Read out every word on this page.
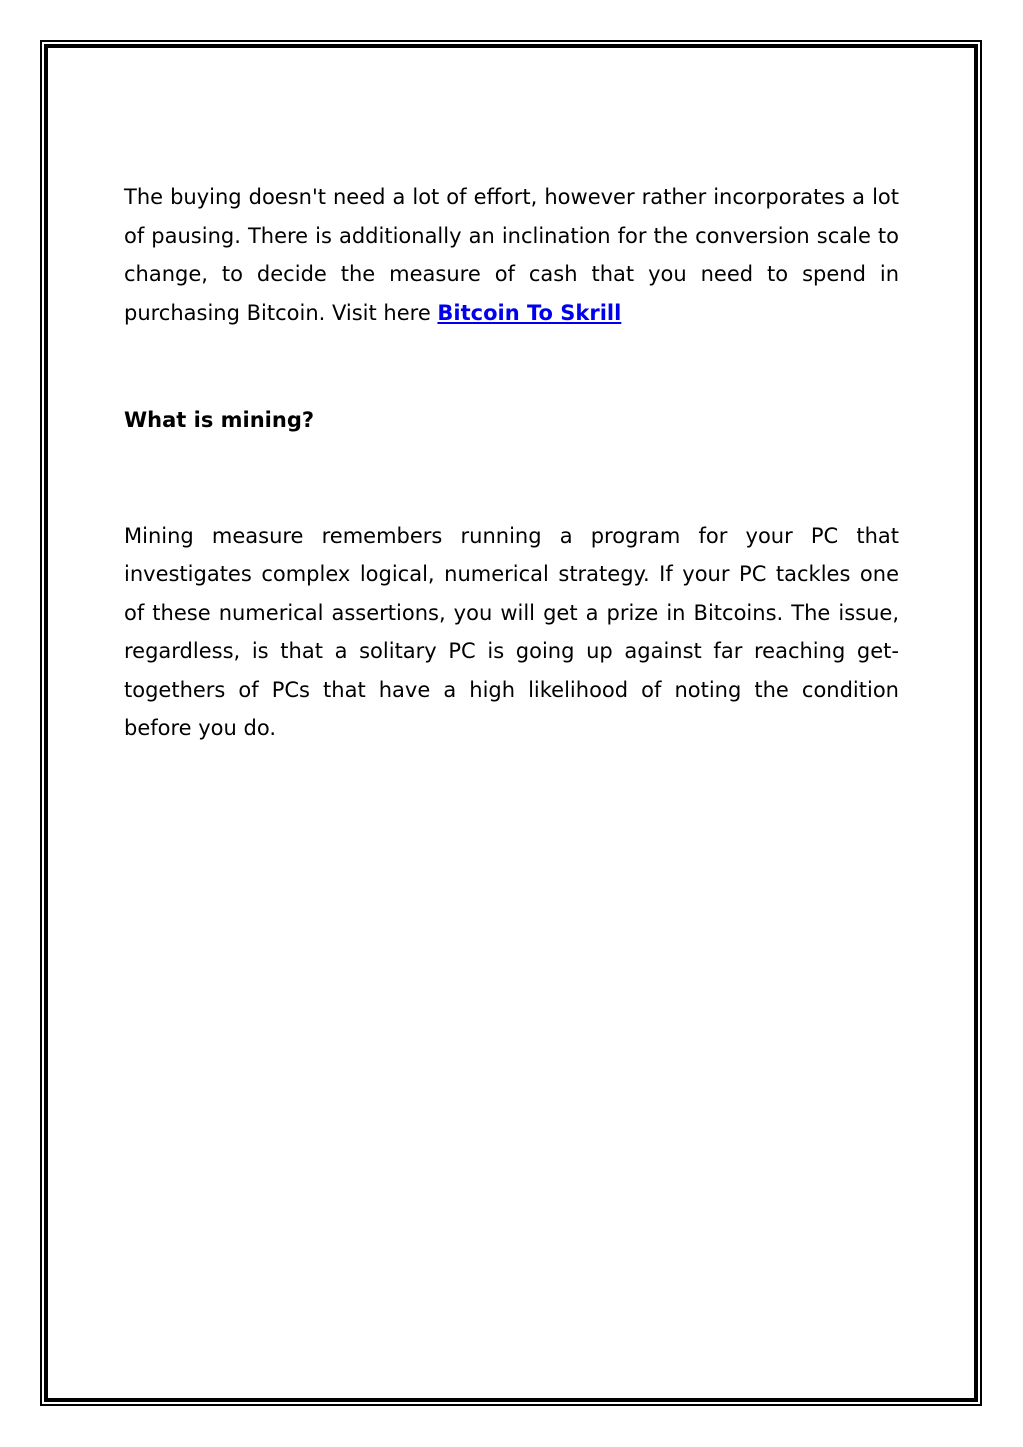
The buying doesn't need a lot of effort, however rather incorporates a lot of pausing. There is additionally an inclination for the conversion scale to change, to decide the measure of cash that you need to spend in purchasing Bitcoin. Visit here Bitcoin To Skrill

What is mining?

Mining measure remembers running a program for your PC that investigates complex logical, numerical strategy. If your PC tackles one of these numerical assertions, you will get a prize in Bitcoins. The issue, regardless, is that a solitary PC is going up against far reaching get-togethers of PCs that have a high likelihood of noting the condition before you do.
